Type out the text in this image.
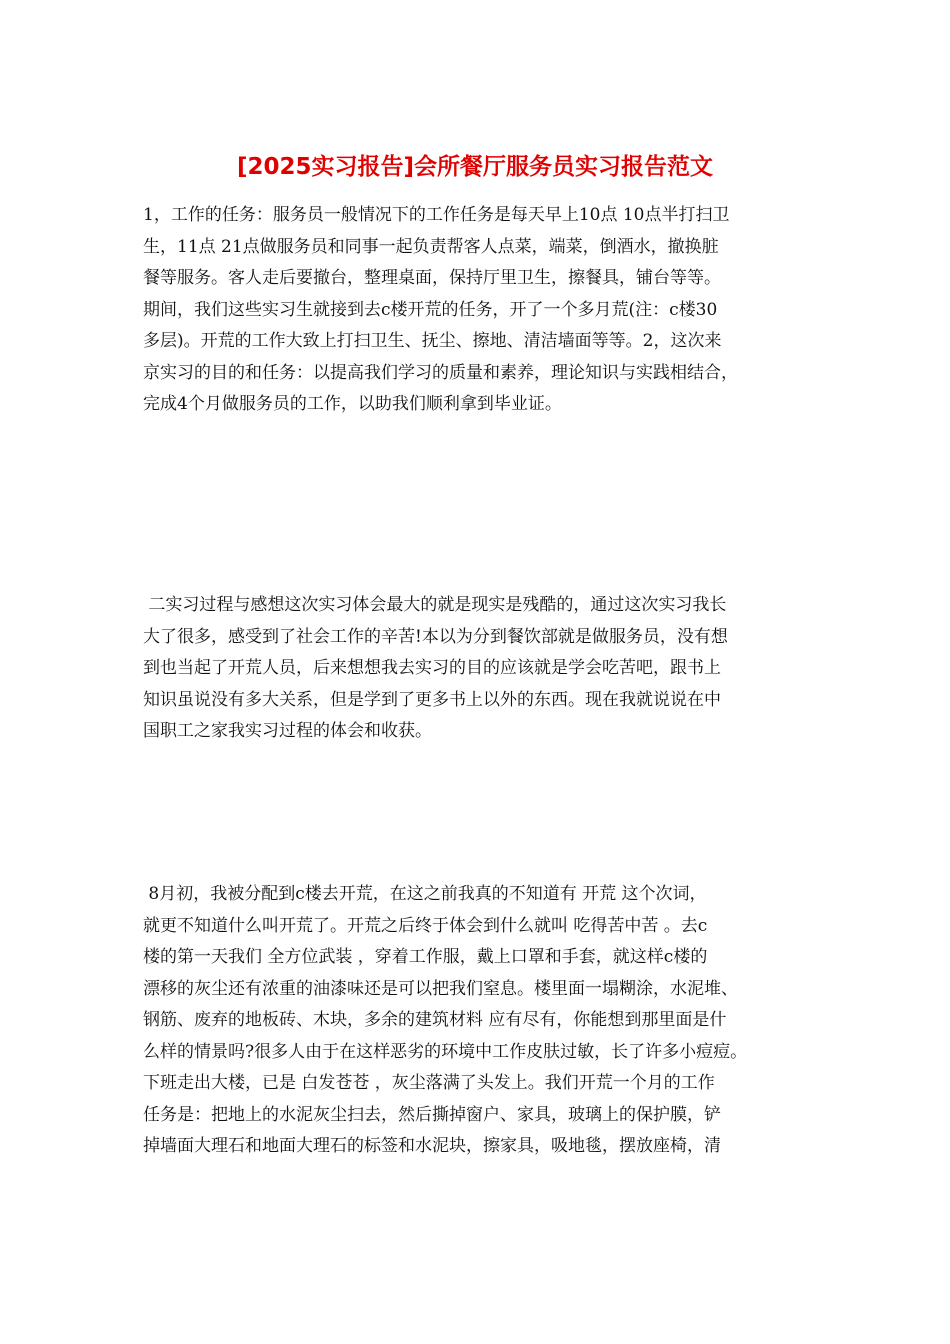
[2025实习报告]会所餐厅服务员实习报告范文
1，工作的任务：服务员一般情况下的工作任务是每天早上10点 10点半打扫卫
生，11点 21点做服务员和同事一起负责帮客人点菜，端菜，倒酒水，撤换脏
餐等服务。客人走后要撤台，整理桌面，保持厅里卫生，擦餐具，铺台等等。
期间，我们这些实习生就接到去c楼开荒的任务，开了一个多月荒(注：c楼30
多层)。开荒的工作大致上打扫卫生、抚尘、擦地、清洁墙面等等。2，这次来
京实习的目的和任务：以提高我们学习的质量和素养，理论知识与实践相结合，
完成4个月做服务员的工作，以助我们顺利拿到毕业证。
二实习过程与感想这次实习体会最大的就是现实是残酷的，通过这次实习我长
大了很多，感受到了社会工作的辛苦!本以为分到餐饮部就是做服务员，没有想
到也当起了开荒人员，后来想想我去实习的目的应该就是学会吃苦吧，跟书上
知识虽说没有多大关系，但是学到了更多书上以外的东西。现在我就说说在中
国职工之家我实习过程的体会和收获。
8月初，我被分配到c楼去开荒，在这之前我真的不知道有 开荒 这个次词，
就更不知道什么叫开荒了。开荒之后终于体会到什么就叫 吃得苦中苦 。去c
楼的第一天我们 全方位武装 ，穿着工作服，戴上口罩和手套，就这样c楼的
漂移的灰尘还有浓重的油漆味还是可以把我们窒息。楼里面一塌糊涂，水泥堆、
钢筋、废弃的地板砖、木块，多余的建筑材料 应有尽有，你能想到那里面是什
么样的情景吗?很多人由于在这样恶劣的环境中工作皮肤过敏，长了许多小痘痘。
下班走出大楼，已是 白发苍苍 ，灰尘落满了头发上。我们开荒一个月的工作
任务是：把地上的水泥灰尘扫去，然后撕掉窗户、家具，玻璃上的保护膜，铲
掉墙面大理石和地面大理石的标签和水泥块，擦家具，吸地毯，摆放座椅，清
